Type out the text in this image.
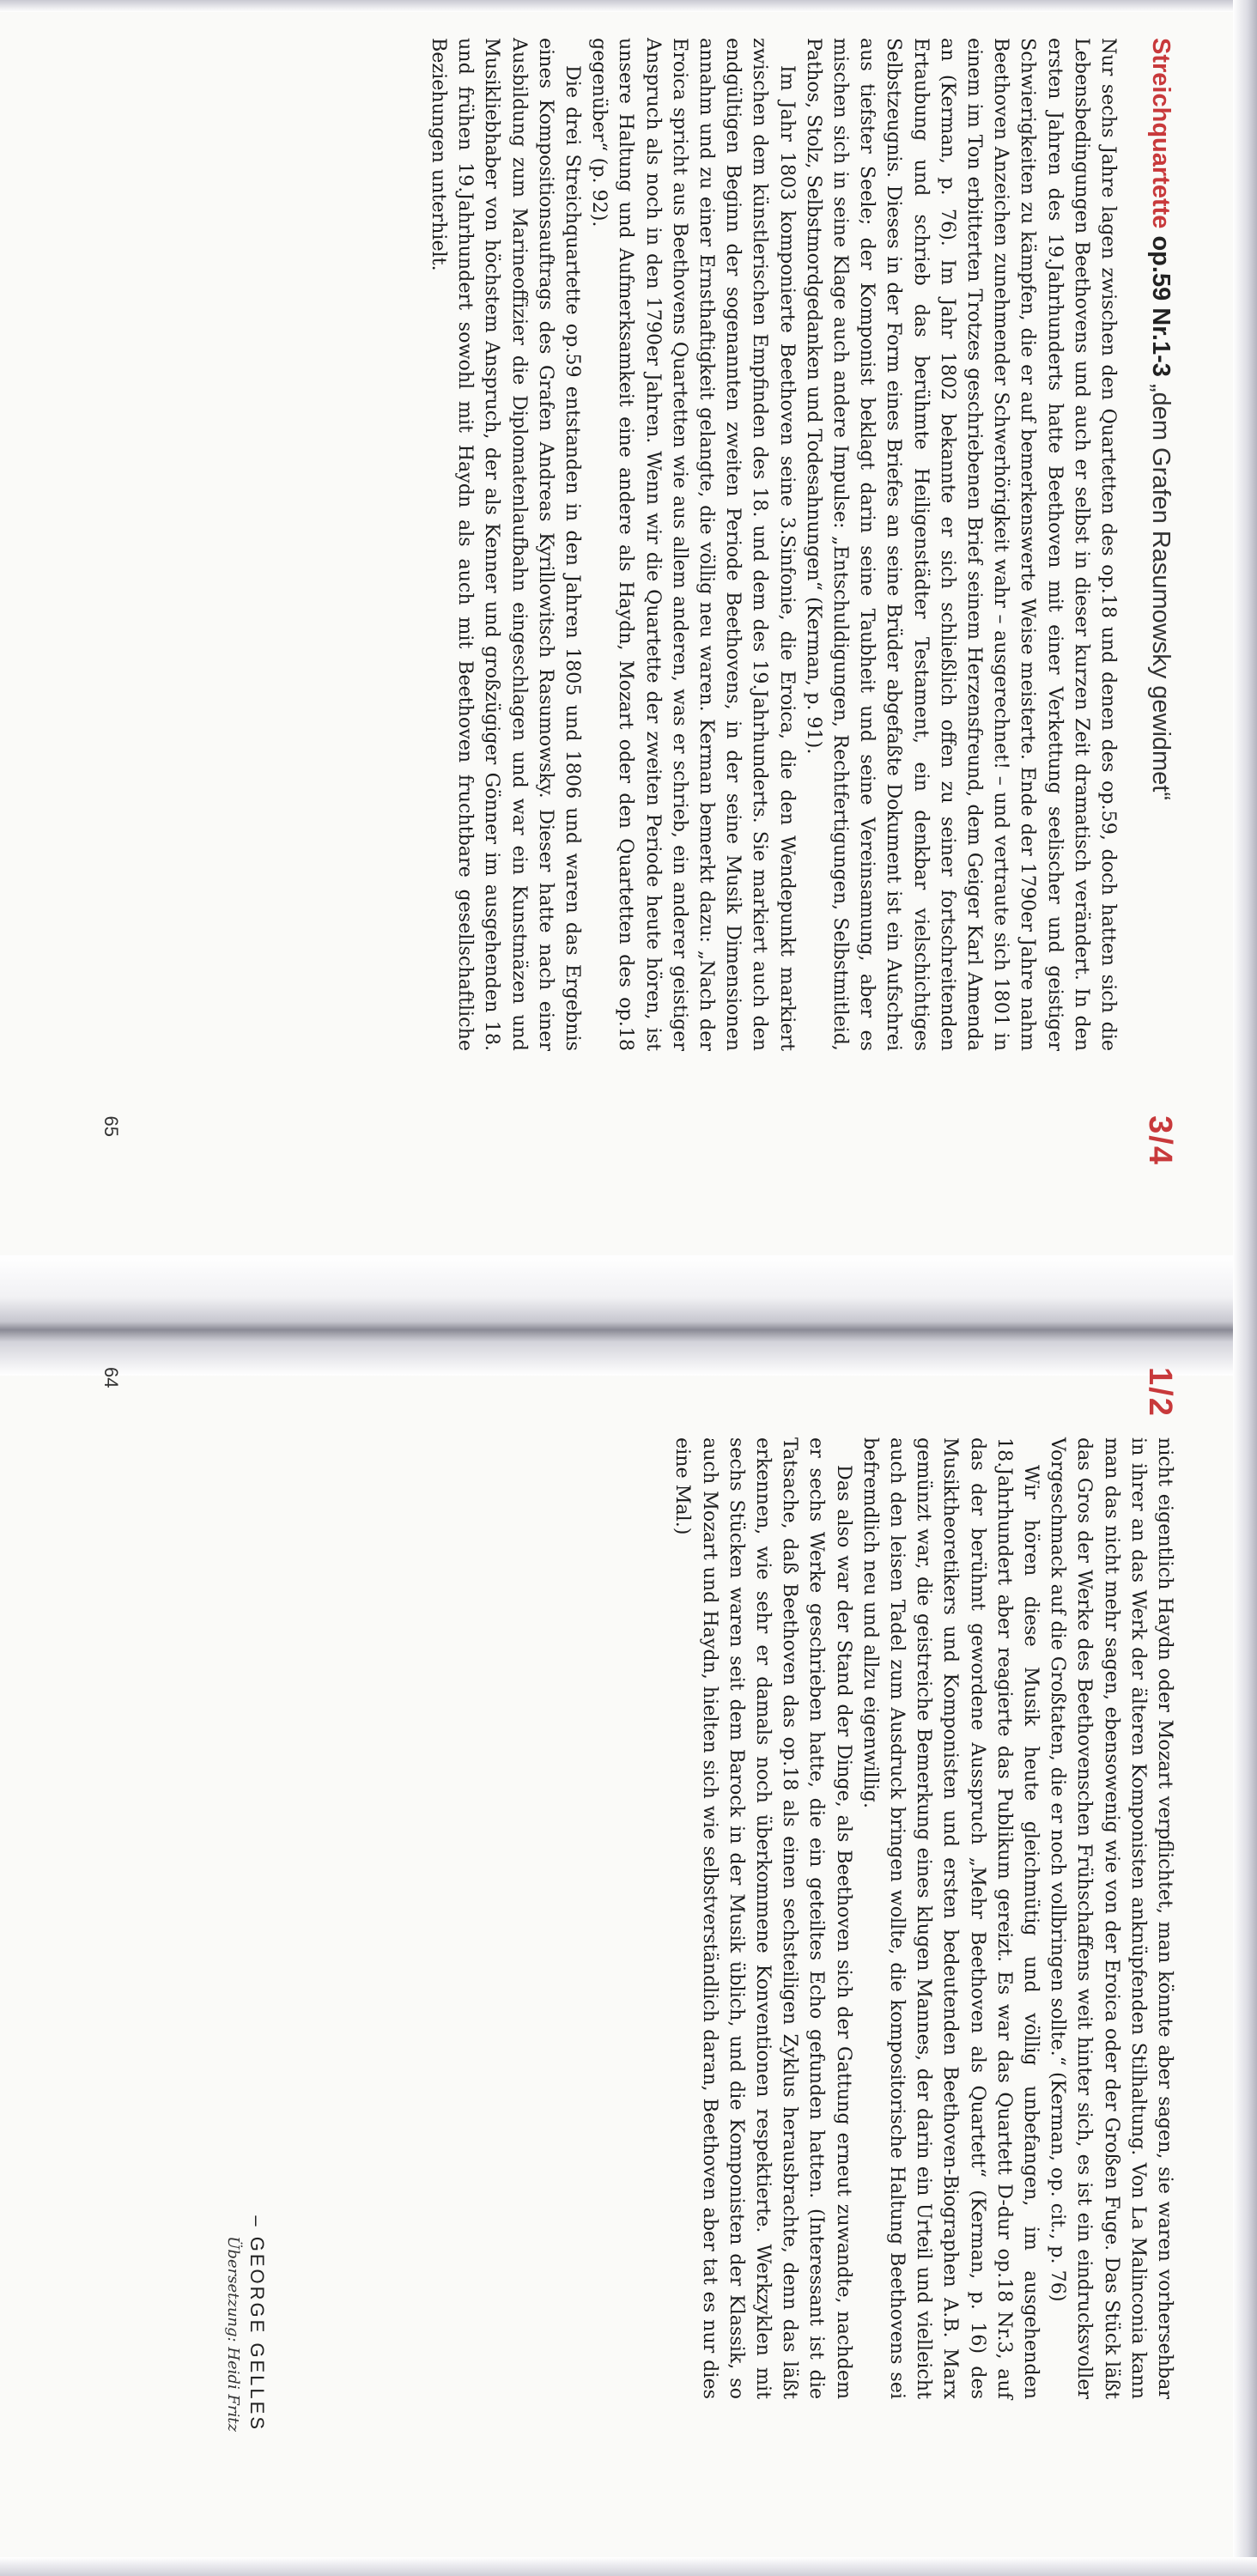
Streichquartette op.59 Nr.1-3 „dem Grafen Rasumowsky gewidmet“
3/4

Nur sechs Jahre lagen zwischen den Quartetten des op.18 und denen des op.59, doch hatten sich die Lebensbedingungen Beethovens und auch er selbst in dieser kurzen Zeit dramatisch verändert. In den ersten Jahren des 19.Jahrhunderts hatte Beethoven mit einer Verkettung seelischer und geistiger Schwierigkeiten zu kämpfen, die er auf bemerkenswerte Weise meisterte. Ende der 1790er Jahre nahm Beethoven Anzeichen zunehmender Schwerhörigkeit wahr – ausgerechnet! – und vertraute sich 1801 in einem im Ton erbitterten Trotzes geschriebenen Brief seinem Herzensfreund, dem Geiger Karl Amenda an (Kerman, p. 76). Im Jahr 1802 bekannte er sich schließlich offen zu seiner fortschreitenden Ertaubung und schrieb das berühmte Heiligenstädter Testament, ein denkbar vielschichtiges Selbstzeugnis. Dieses in der Form eines Briefes an seine Brüder abgefaßte Dokument ist ein Aufschrei aus tiefster Seele; der Komponist beklagt darin seine Taubheit und seine Vereinsamung, aber es mischen sich in seine Klage auch andere Impulse: „Entschuldigungen, Rechtfertigungen, Selbstmitleid, Pathos, Stolz, Selbstmordgedanken und Todesahnungen“ (Kerman, p. 91).

Im Jahr 1803 komponierte Beethoven seine 3.Sinfonie, die Eroica, die den Wendepunkt markiert zwischen dem künstlerischen Empfinden des 18. und dem des 19.Jahrhunderts. Sie markiert auch den endgültigen Beginn der sogenannten zweiten Periode Beethovens, in der seine Musik Dimensionen annahm und zu einer Ernsthaftigkeit gelangte, die völlig neu waren. Kerman bemerkt dazu: „Nach der Eroica spricht aus Beethovens Quartetten wie aus allem anderen, was er schrieb, ein anderer geistiger Anspruch als noch in den 1790er Jahren. Wenn wir die Quartette der zweiten Periode heute hören, ist unsere Haltung und Aufmerksamkeit eine andere als Haydn, Mozart oder den Quartetten des op.18 gegenüber“ (p. 92).

Die drei Streichquartette op.59 entstanden in den Jahren 1805 und 1806 und waren das Ergebnis eines Kompositionsauftrags des Grafen Andreas Kyrillowitsch Rasumowsky. Dieser hatte nach einer Ausbildung zum Marineoffizier die Diplomatenlaufbahn eingeschlagen und war ein Kunstmäzen und Musikliebhaber von höchstem Anspruch, der als Kenner und großzügiger Gönner im ausgehenden 18. und frühen 19.Jahrhundert sowohl mit Haydn als auch mit Beethoven fruchtbare gesellschaftliche Beziehungen unterhielt.

65
1/2

nicht eigentlich Haydn oder Mozart verpflichtet, man könnte aber sagen, sie waren vorhersehbar in ihrer an das Werk der älteren Komponisten anknüpfenden Stilhaltung. Von La Malinconia kann man das nicht mehr sagen, ebensowenig wie von der Eroica oder der Großen Fuge. Das Stück läßt das Gros der Werke des Beethovenschen Frühschaffens weit hinter sich, es ist ein eindrucksvoller Vorgeschmack auf die Großtaten, die er noch vollbringen sollte.“ (Kerman, op. cit., p. 76)

Wir hören diese Musik heute gleichmütig und völlig unbefangen, im ausgehenden 18.Jahrhundert aber reagierte das Publikum gereizt. Es war das Quartett D-dur op.18 Nr.3, auf das der berühmt gewordene Ausspruch „Mehr Beethoven als Quartett“ (Kerman, p. 16) des Musiktheoretikers und Komponisten und ersten bedeutenden Beethoven-Biographen A.B. Marx gemünzt war, die geistreiche Bemerkung eines klugen Mannes, der darin ein Urteil und vielleicht auch den leisen Tadel zum Ausdruck bringen wollte, die kompositorische Haltung Beethovens sei befremdlich neu und allzu eigenwillig.

Das also war der Stand der Dinge, als Beethoven sich der Gattung erneut zuwandte, nachdem er sechs Werke geschrieben hatte, die ein geteiltes Echo gefunden hatten. (Interessant ist die Tatsache, daß Beethoven das op.18 als einen sechsteiligen Zyklus herausbrachte, denn das läßt erkennen, wie sehr er damals noch überkommene Konventionen respektierte. Werkzyklen mit sechs Stücken waren seit dem Barock in der Musik üblich, und die Komponisten der Klassik, so auch Mozart und Haydn, hielten sich wie selbstverständlich daran, Beethoven aber tat es nur dies eine Mal.)

– GEORGE GELLES
Übersetzung: Heidi Fritz
64
